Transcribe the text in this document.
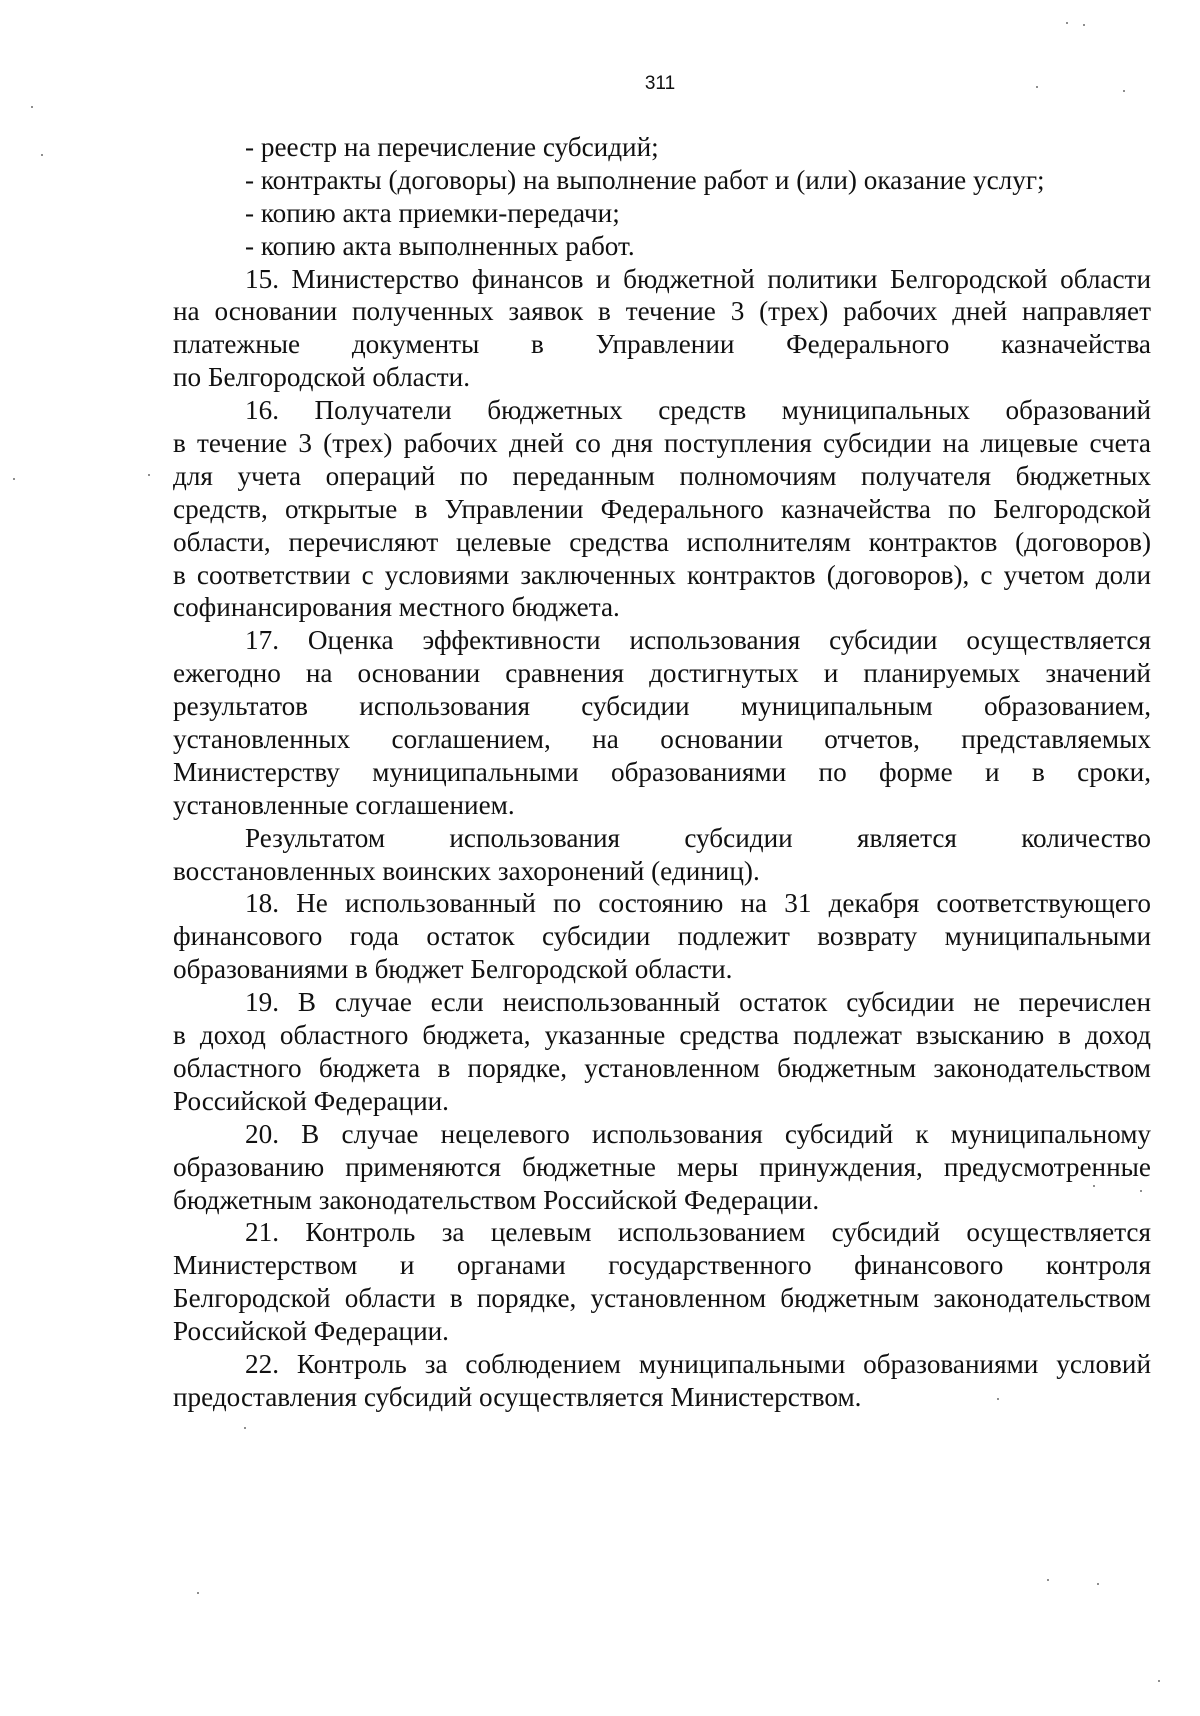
311
- реестр на перечисление субсидий;
- контракты (договоры) на выполнение работ и (или) оказание услуг;
- копию акта приемки-передачи;
- копию акта выполненных работ.
15. Министерство финансов и бюджетной политики Белгородской области
на основании полученных заявок в течение 3 (трех) рабочих дней направляет
платежные документы в Управлении Федерального казначейства
по Белгородской области.
16. Получатели бюджетных средств муниципальных образований
в течение 3 (трех) рабочих дней со дня поступления субсидии на лицевые счета
для учета операций по переданным полномочиям получателя бюджетных
средств, открытые в Управлении Федерального казначейства по Белгородской
области, перечисляют целевые средства исполнителям контрактов (договоров)
в соответствии с условиями заключенных контрактов (договоров), с учетом доли
софинансирования местного бюджета.
17. Оценка эффективности использования субсидии осуществляется
ежегодно на основании сравнения достигнутых и планируемых значений
результатов использования субсидии муниципальным образованием,
установленных соглашением, на основании отчетов, представляемых
Министерству муниципальными образованиями по форме и в сроки,
установленные соглашением.
Результатом использования субсидии является количество
восстановленных воинских захоронений (единиц).
18. Не использованный по состоянию на 31 декабря соответствующего
финансового года остаток субсидии подлежит возврату муниципальными
образованиями в бюджет Белгородской области.
19. В случае если неиспользованный остаток субсидии не перечислен
в доход областного бюджета, указанные средства подлежат взысканию в доход
областного бюджета в порядке, установленном бюджетным законодательством
Российской Федерации.
20. В случае нецелевого использования субсидий к муниципальному
образованию применяются бюджетные меры принуждения, предусмотренные
бюджетным законодательством Российской Федерации.
21. Контроль за целевым использованием субсидий осуществляется
Министерством и органами государственного финансового контроля
Белгородской области в порядке, установленном бюджетным законодательством
Российской Федерации.
22. Контроль за соблюдением муниципальными образованиями условий
предоставления субсидий осуществляется Министерством.
